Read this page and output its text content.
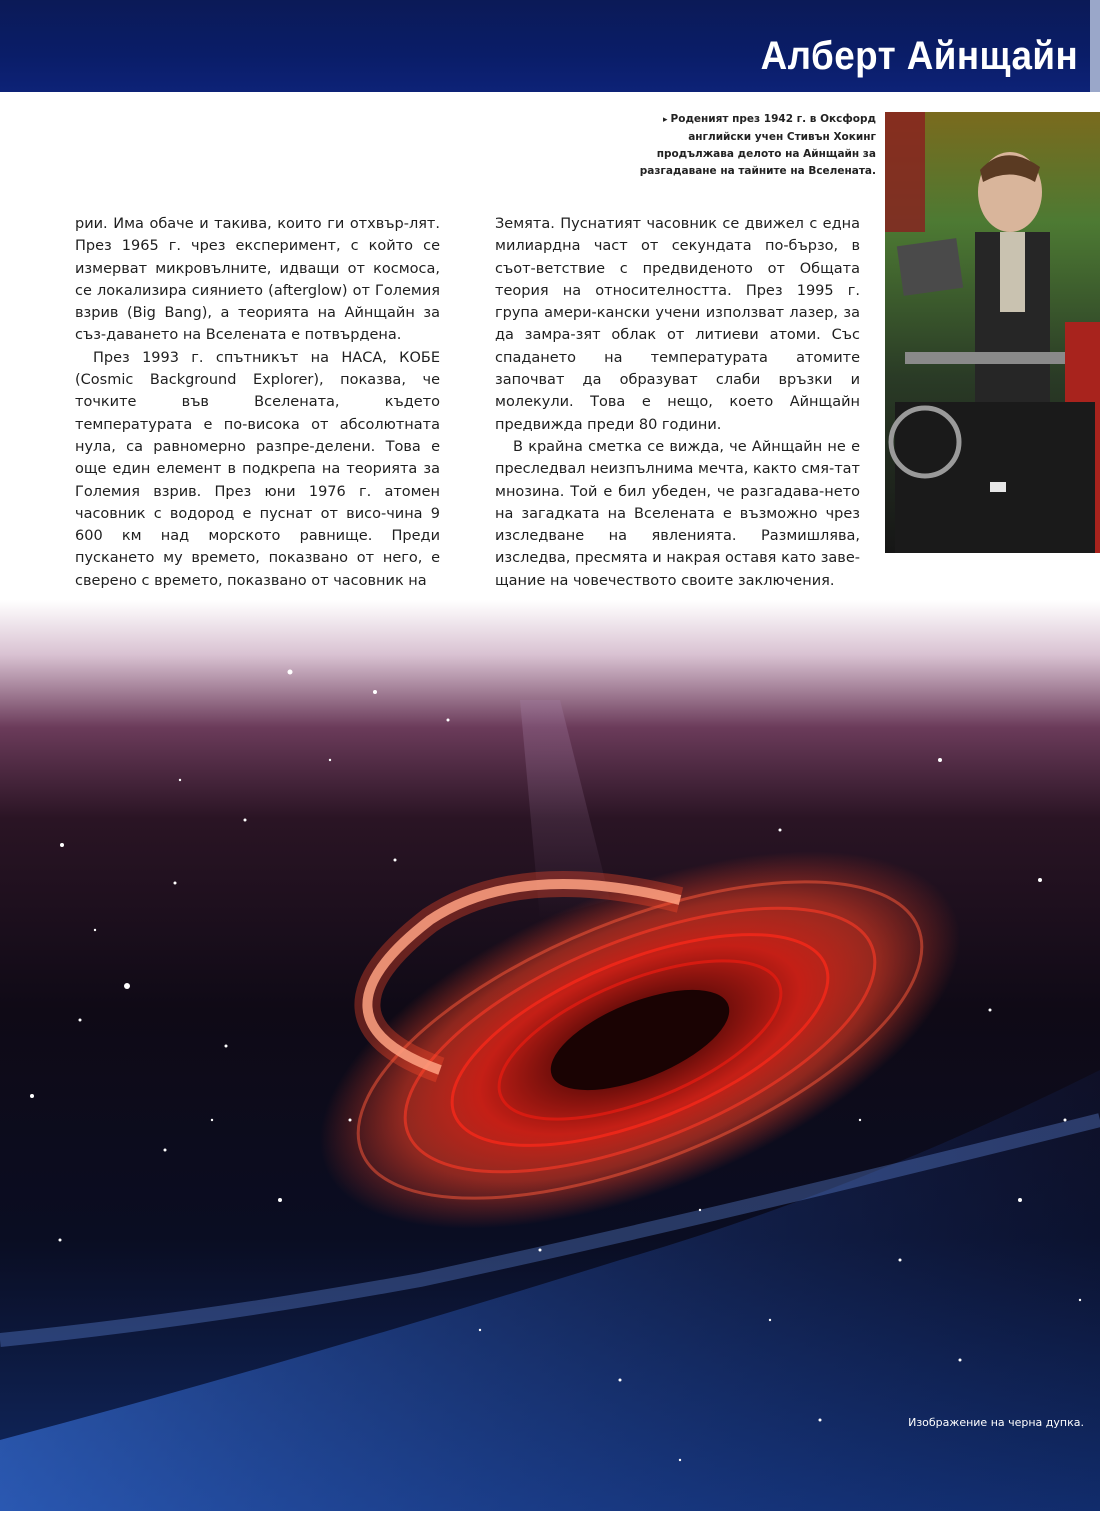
Алберт Айнщайн
▸ Роденият през 1942 г. в Оксфорд
английски учен Стивън Хокинг
продължава делото на Айнщайн за
разгадаване на тайните на Вселената.

рии. Има обаче и такива, които ги отхвър-лят. През 1965 г. чрез експеримент, с който се измерват микровълните, идващи от космоса, се локализира сиянието (afterglow) от Големия взрив (Big Bang), а теорията на Айнщайн за съз-даването на Вселената е потвърдена.

През 1993 г. спътникът на НАСА, КОБЕ (Cosmic Background Explorer), показва, че точките във Вселената, където температурата е по-висока от абсолютната нула, са равномерно разпре-делени. Това е още един елемент в подкрепа на теорията за Големия взрив. През юни 1976 г. атомен часовник с водород е пуснат от висо-чина 9 600 км над морското равнище. Преди пускането му времето, показвано от него, е сверено с времето, показвано от часовник на

Земята. Пуснатият часовник се движел с една милиардна част от секундата по-бързо, в съот-ветствие с предвиденото от Общата теория на относителността. През 1995 г. група амери-кански учени използват лазер, за да замра-зят облак от литиеви атоми. Със спадането на температурата атомите започват да образуват слаби връзки и молекули. Това е нещо, което Айнщайн предвижда преди 80 години.

В крайна сметка се вижда, че Айнщайн не е преследвал неизпълнима мечта, както смя-тат мнозина. Той е бил убеден, че разгадава-нето на загадката на Вселената е възможно чрез изследване на явленията. Размишлява, изследва, пресмята и накрая оставя като заве-щание на човечеството своите заключения.

Изображение на черна дупка.
